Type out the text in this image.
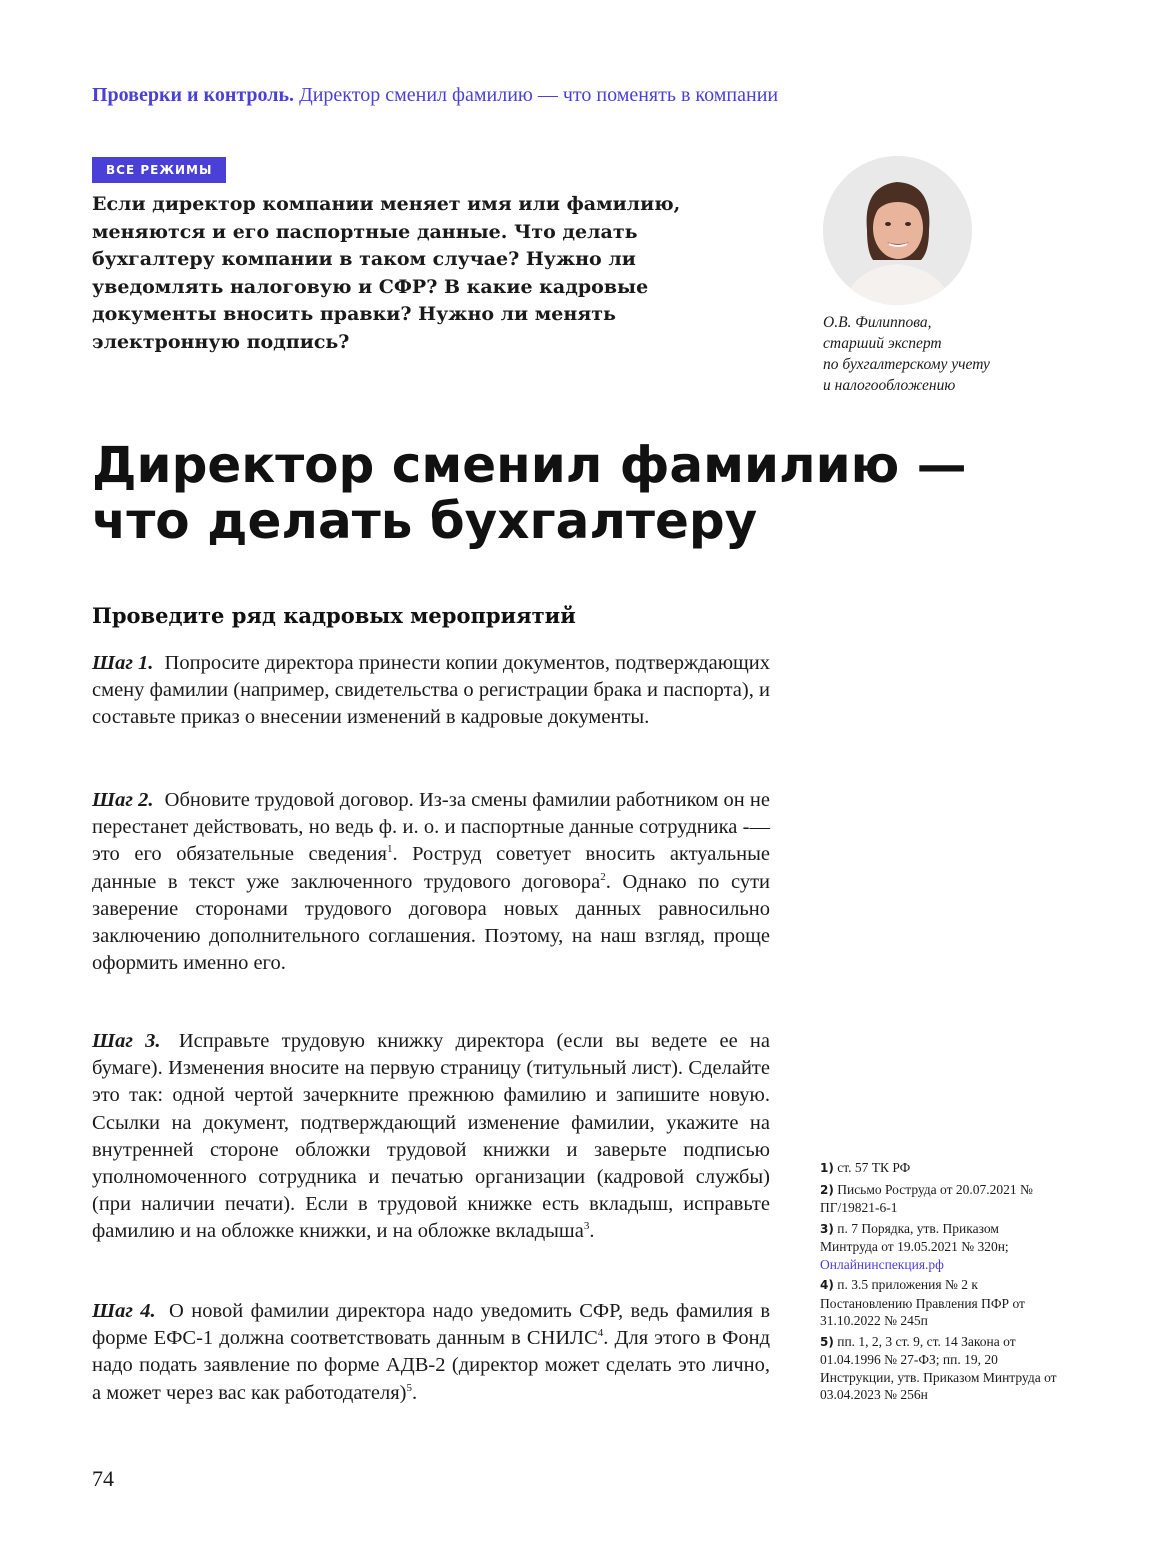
Проверки и контроль. Директор сменил фамилию — что поменять в компании
ВСЕ РЕЖИМЫ
Если директор компании меняет имя или фамилию, меняются и его паспортные данные. Что делать бухгалтеру компании в таком случае? Нужно ли уведомлять налоговую и СФР? В какие кадровые документы вносить правки? Нужно ли менять электронную подпись?
О.В. Филиппова,
старший эксперт
по бухгалтерскому учету
и налогообложению
Директор сменил фамилию —
что делать бухгалтеру
Проведите ряд кадровых мероприятий

Шаг 1. Попросите директора принести копии документов, подтверждающих смену фамилии (например, свидетельства о регистрации брака и паспорта), и составьте приказ о внесении изменений в кадровые документы.

Шаг 2. Обновите трудовой договор. Из-за смены фамилии работником он не перестанет действовать, но ведь ф. и. о. и паспортные данные сотрудника -— это его обязательные сведения$^1$. Роструд советует вносить актуальные данные в текст уже заключенного трудового договора$^2$. Однако по сути заверение сторонами трудового договора новых данных равносильно заключению дополнительного соглашения. Поэтому, на наш взгляд, проще оформить именно его.

Шаг 3. Исправьте трудовую книжку директора (если вы ведете ее на бумаге). Изменения вносите на первую страницу (титульный лист). Сделайте это так: одной чертой зачеркните прежнюю фамилию и запишите новую. Ссылки на документ, подтверждающий изменение фамилии, укажите на внутренней стороне обложки трудовой книжки и заверьте подписью уполномоченного сотрудника и печатью организации (кадровой службы) (при наличии печати). Если в трудовой книжке есть вкладыш, исправьте фамилию и на обложке книжки, и на обложке вкладыша$^3$.

Шаг 4. О новой фамилии директора надо уведомить СФР, ведь фамилия в форме ЕФС-1 должна соответствовать данным в СНИЛС$^4$. Для этого в Фонд надо подать заявление по форме АДВ-2 (директор может сделать это лично, а может через вас как работодателя)$^5$.

1) ст. 57 ТК РФ
2) Письмо Роструда от 20.07.2021 № ПГ/19821-6-1
3) п. 7 Порядка, утв. Приказом Минтруда от 19.05.2021 № 320н; Онлайнинспекция.рф
4) п. 3.5 приложения № 2 к Постановлению Правления ПФР от 31.10.2022 № 245п
5) пп. 1, 2, 3 ст. 9, ст. 14 Закона от 01.04.1996 № 27-ФЗ; пп. 19, 20 Инструкции, утв. Приказом Минтруда от 03.04.2023 № 256н
74
